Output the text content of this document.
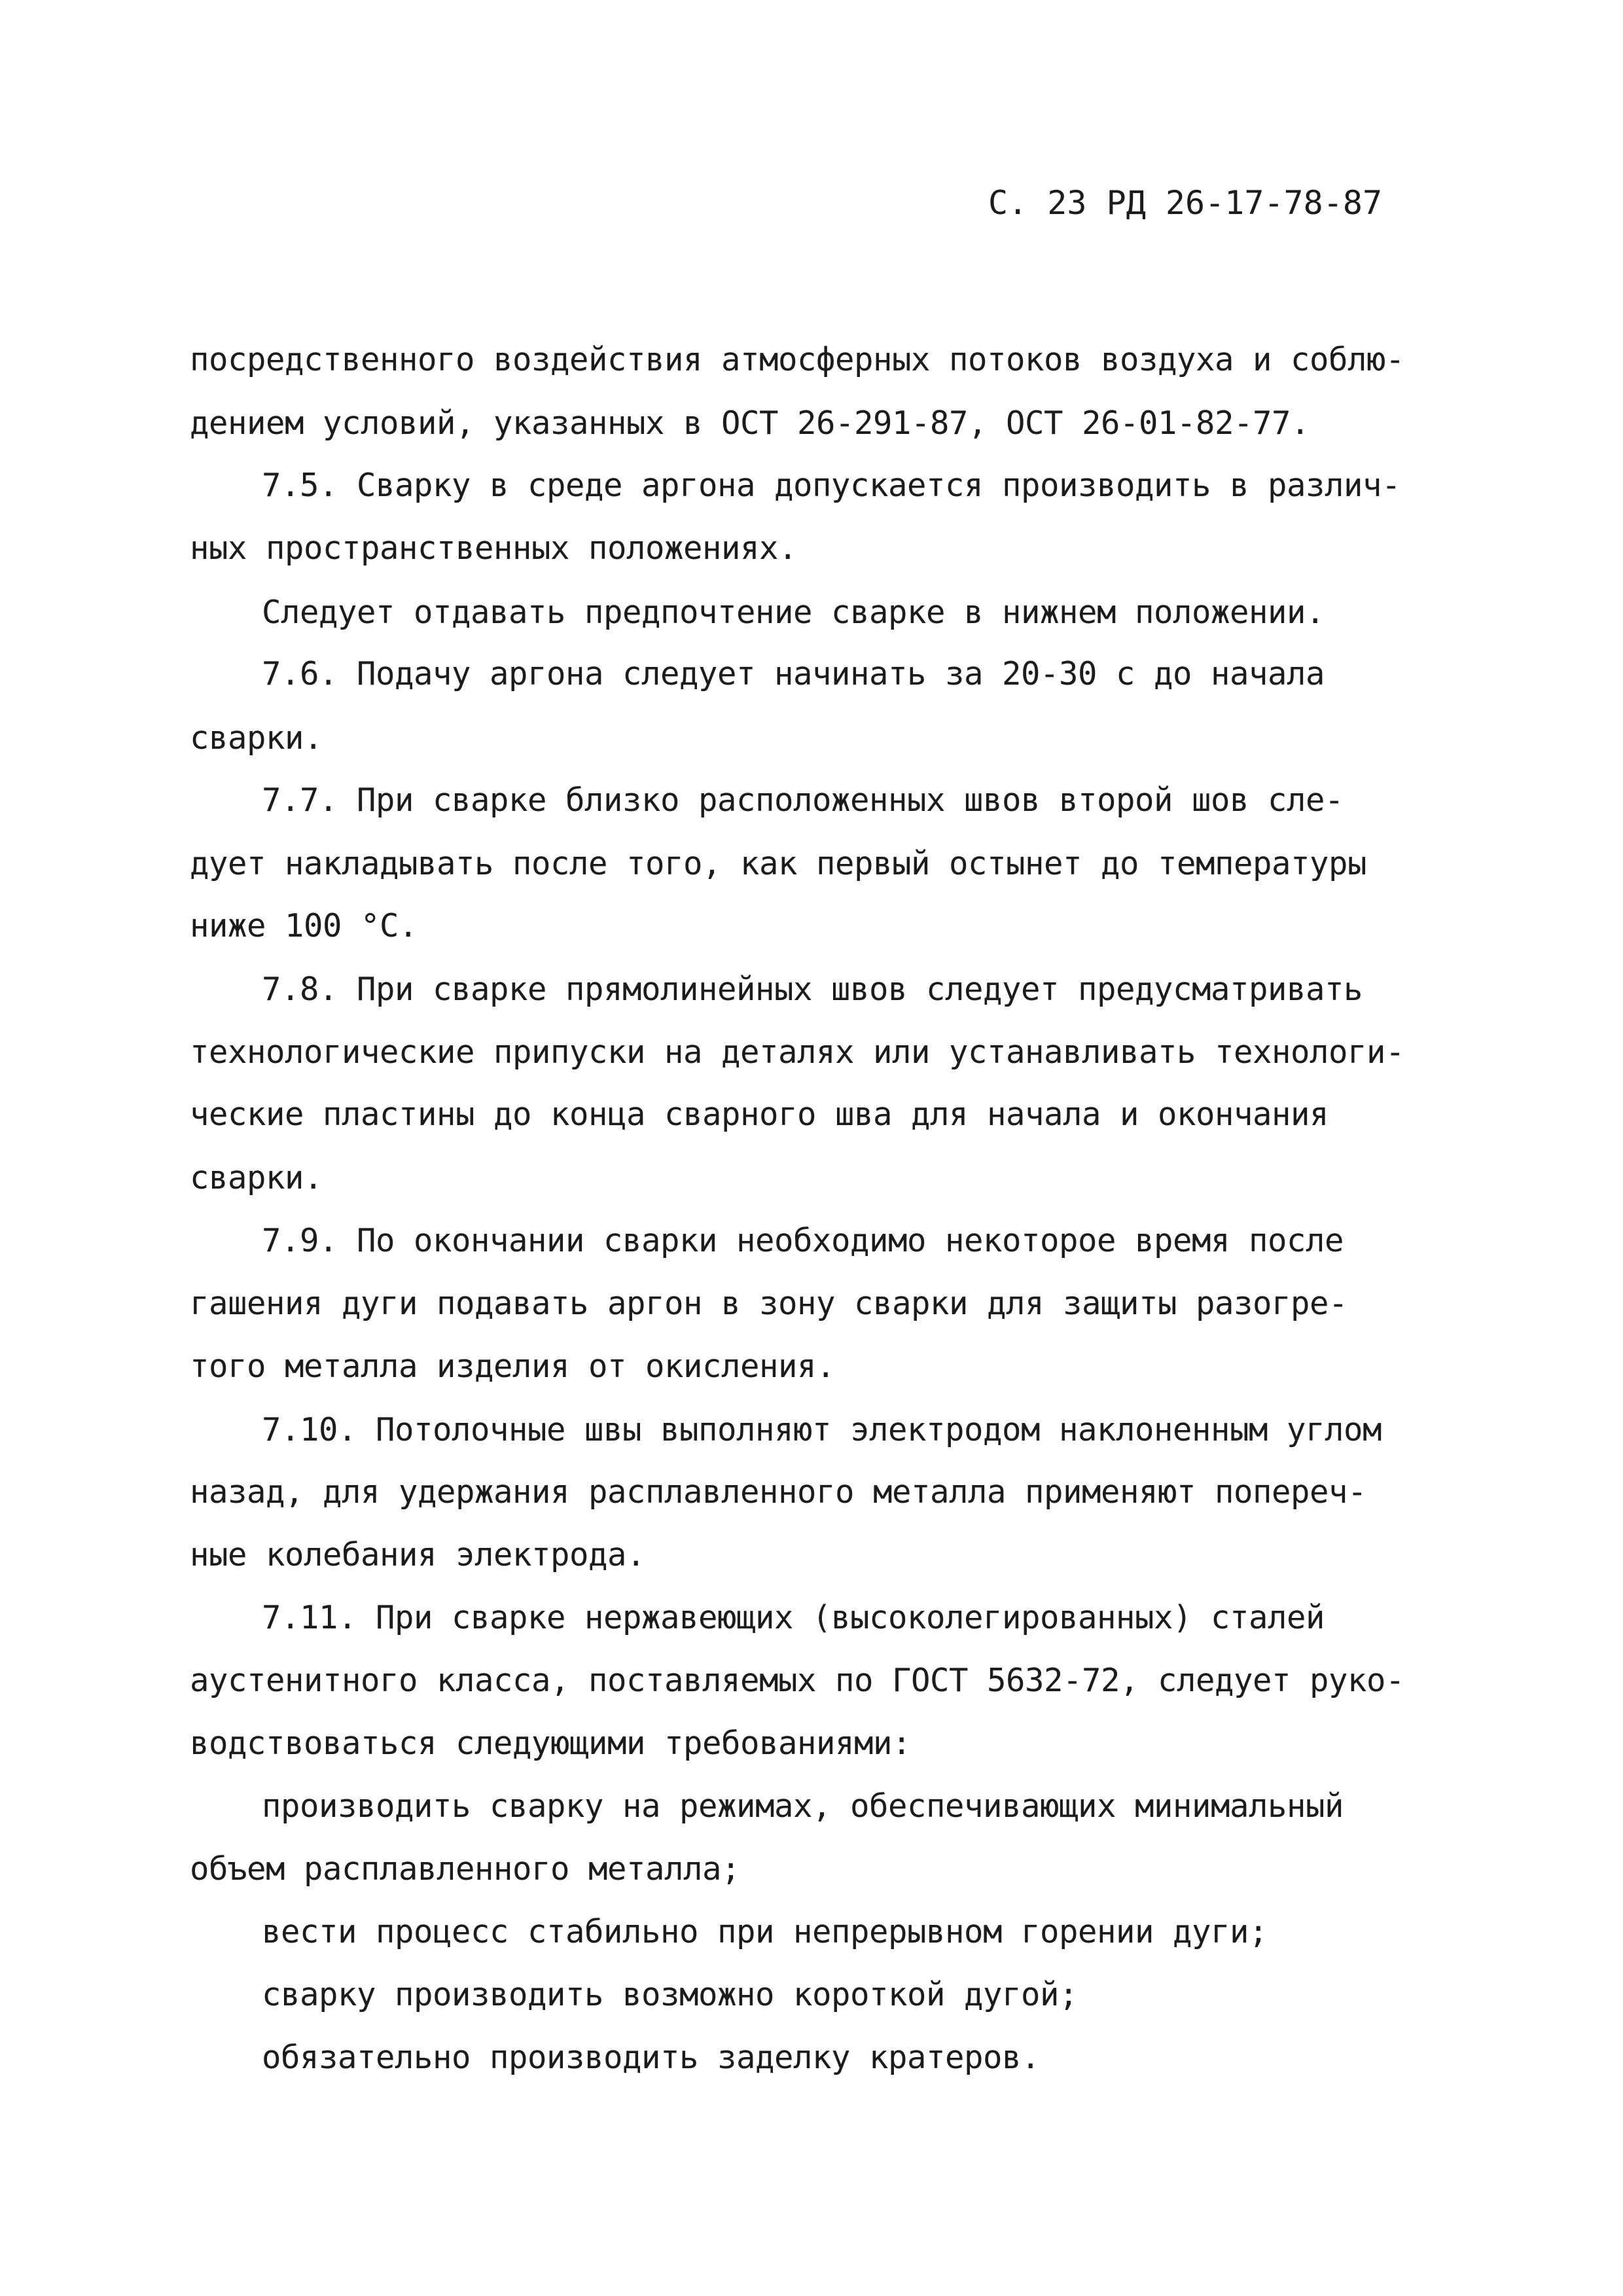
С. 23 РД 26-17-78-87
посредственного воздействия атмосферных потоков воздуха и соблю-
дением условий, указанных в ОСТ 26-291-87, ОСТ 26-01-82-77.
7.5. Сварку в среде аргона допускается производить в различ-
ных пространственных положениях.
Следует отдавать предпочтение сварке в нижнем положении.
7.6. Подачу аргона следует начинать за 20-30 с до начала
сварки.
7.7. При сварке близко расположенных швов второй шов сле-
дует накладывать после того, как первый остынет до температуры
ниже 100 °С.
7.8. При сварке прямолинейных швов следует предусматривать
технологические припуски на деталях или устанавливать технологи-
ческие пластины до конца сварного шва для начала и окончания
сварки.
7.9. По окончании сварки необходимо некоторое время после
гашения дуги подавать аргон в зону сварки для защиты разогре-
того металла изделия от окисления.
7.10. Потолочные швы выполняют электродом наклоненным углом
назад, для удержания расплавленного металла применяют попереч-
ные колебания электрода.
7.11. При сварке нержавеющих (высоколегированных) сталей
аустенитного класса, поставляемых по ГОСТ 5632-72, следует руко-
водствоваться следующими требованиями:
производить сварку на режимах, обеспечивающих минимальный
объем расплавленного металла;
вести процесс стабильно при непрерывном горении дуги;
сварку производить возможно короткой дугой;
обязательно производить заделку кратеров.
